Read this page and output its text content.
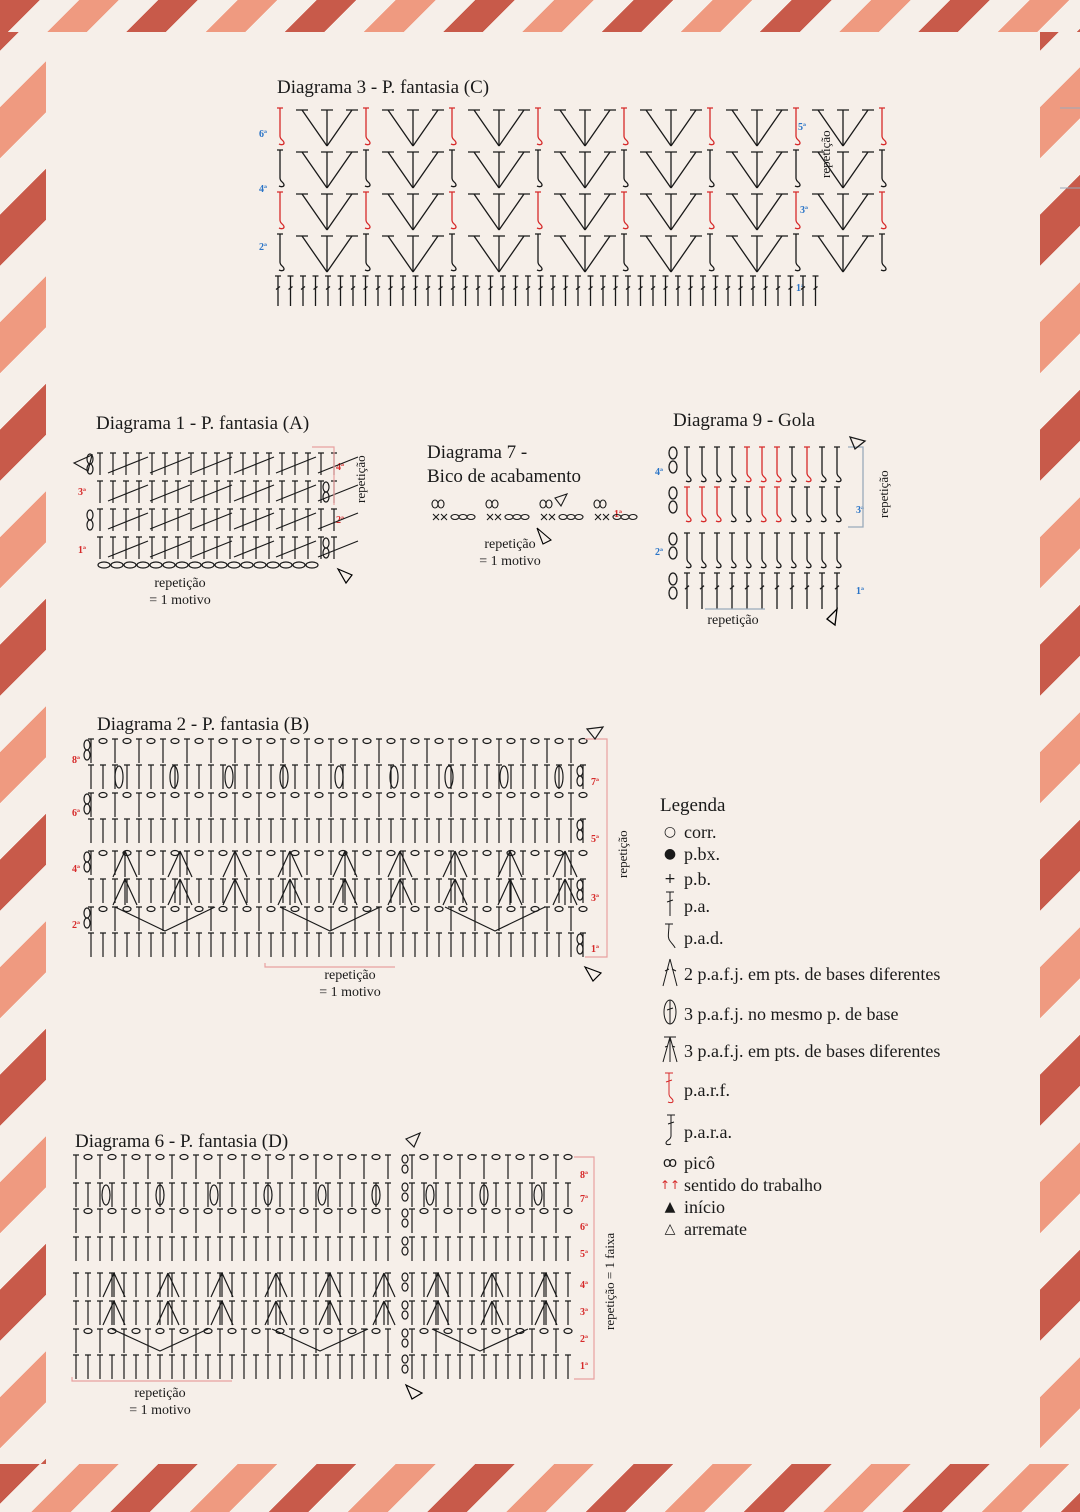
Diagrama 3 - P. fantasia (C)
6ª
4ª
2ª
5ª
3ª
1ª
repetição
Diagrama 1 - P. fantasia (A)
3ª
1ª
4ª
2ª
repetição
repetição
= 1 motivo
Diagrama 7 -
Bico de acabamento
1ª
repetição
= 1 motivo
Diagrama 9 - Gola
4ª
2ª
3ª
1ª
repetição
repetição
Diagrama 2 - P. fantasia (B)
8ª
6ª
4ª
2ª
7ª
5ª
3ª
1ª
repetição
repetição
= 1 motivo
Diagrama 6 - P. fantasia (D)
8ª
7ª
6ª
5ª
4ª
3ª
2ª
1ª
repetição = 1 faixa
repetição
= 1 motivo
Legenda
○ corr.
● p.bx.
+ p.b.
p.a.
p.a.d.
2 p.a.f.j. em pts. de bases diferentes
3 p.a.f.j. no mesmo p. de base
3 p.a.f.j. em pts. de bases diferentes
p.a.r.f.
p.a.r.a.
ꝏ picô
↑↑ sentido do trabalho
▲ início
△ arremate
